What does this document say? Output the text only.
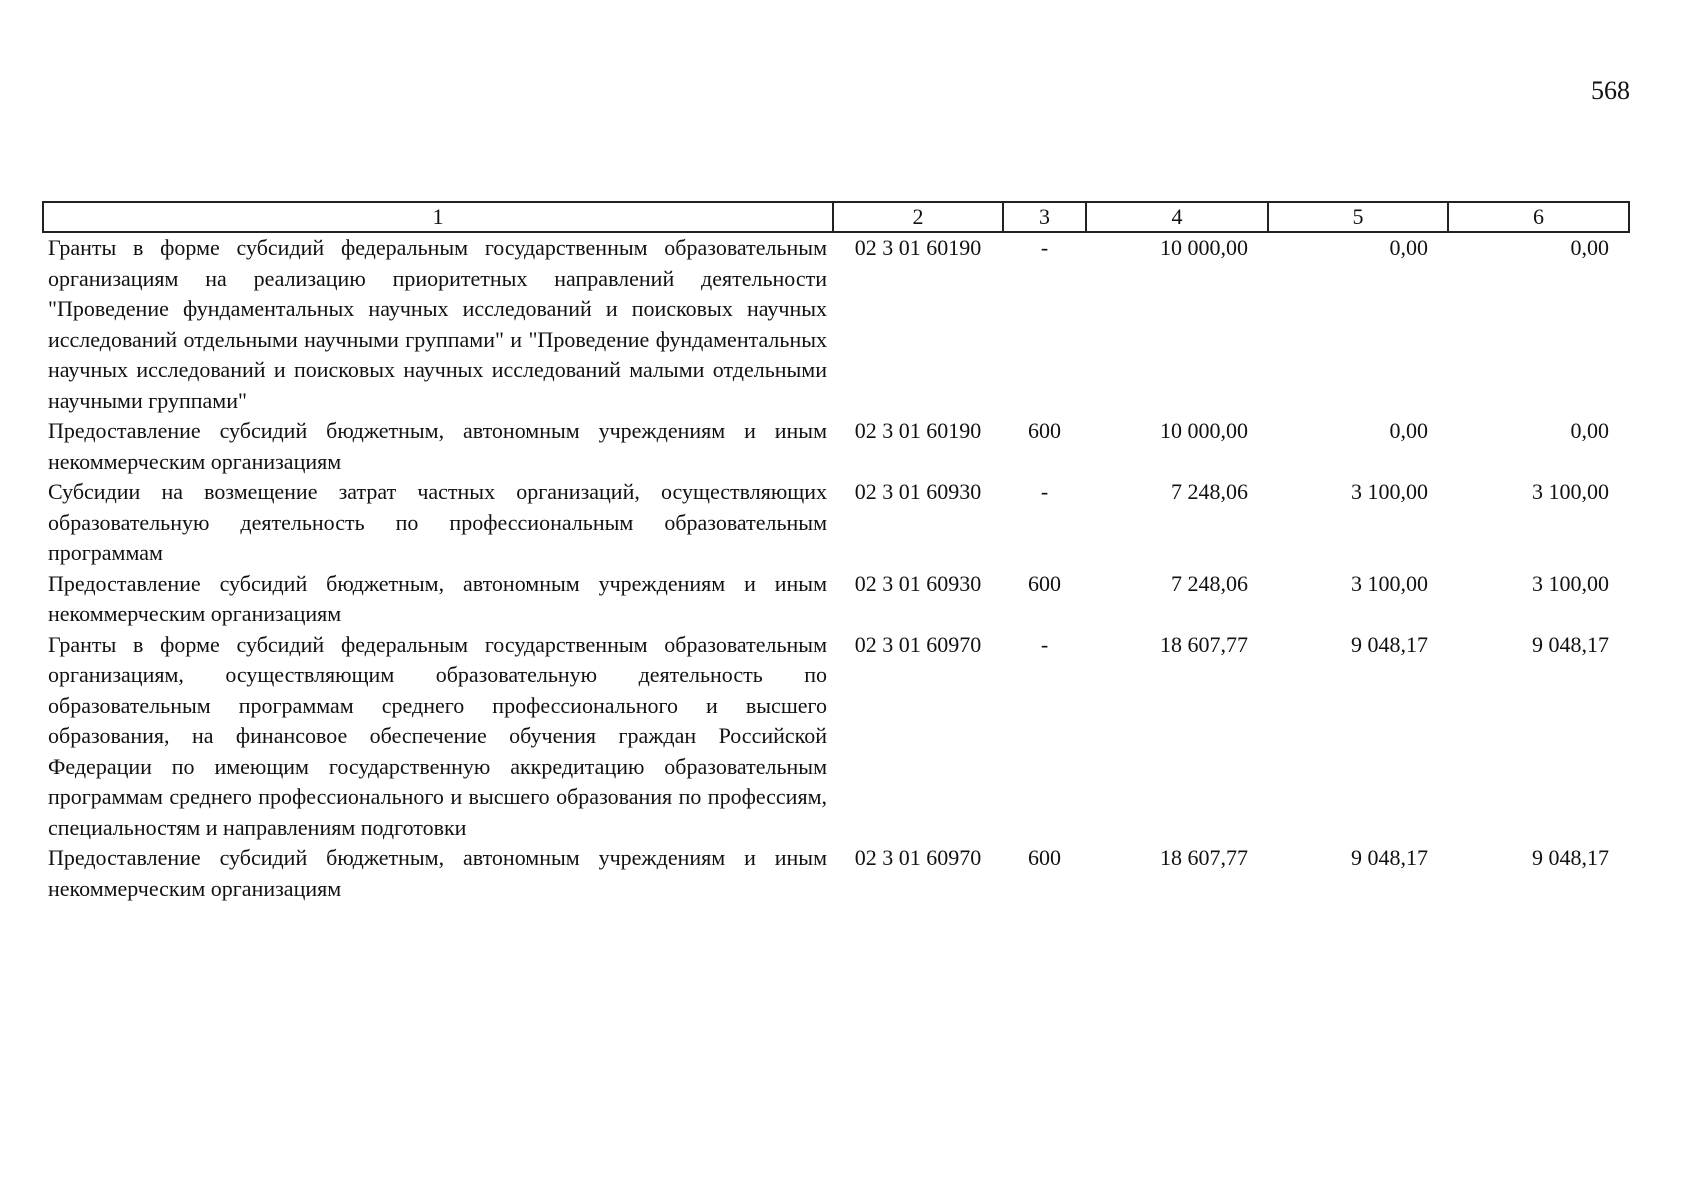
568
1	2	3	4	5	6
Гранты в форме субсидий федеральным государственным образовательным организациям на реализацию приоритетных направлений деятельности "Проведение фундаментальных научных исследований и поисковых научных исследований отдельными научными группами" и "Проведение фундаментальных научных исследований и поисковых научных исследований малыми отдельными научными группами"	02 3 01 60190	-	10 000,00	0,00	0,00
Предоставление субсидий бюджетным, автономным учреждениям и иным некоммерческим организациям	02 3 01 60190	600	10 000,00	0,00	0,00
Субсидии на возмещение затрат частных организаций, осуществляющих образовательную деятельность по профессиональным образовательным программам	02 3 01 60930	-	7 248,06	3 100,00	3 100,00
Предоставление субсидий бюджетным, автономным учреждениям и иным некоммерческим организациям	02 3 01 60930	600	7 248,06	3 100,00	3 100,00
Гранты в форме субсидий федеральным государственным образовательным организациям, осуществляющим образовательную деятельность по образовательным программам среднего профессионального и высшего образования, на финансовое обеспечение обучения граждан Российской Федерации по имеющим государственную аккредитацию образовательным программам среднего профессионального и высшего образования по профессиям, специальностям и направлениям подготовки	02 3 01 60970	-	18 607,77	9 048,17	9 048,17
Предоставление субсидий бюджетным, автономным учреждениям и иным некоммерческим организациям	02 3 01 60970	600	18 607,77	9 048,17	9 048,17
